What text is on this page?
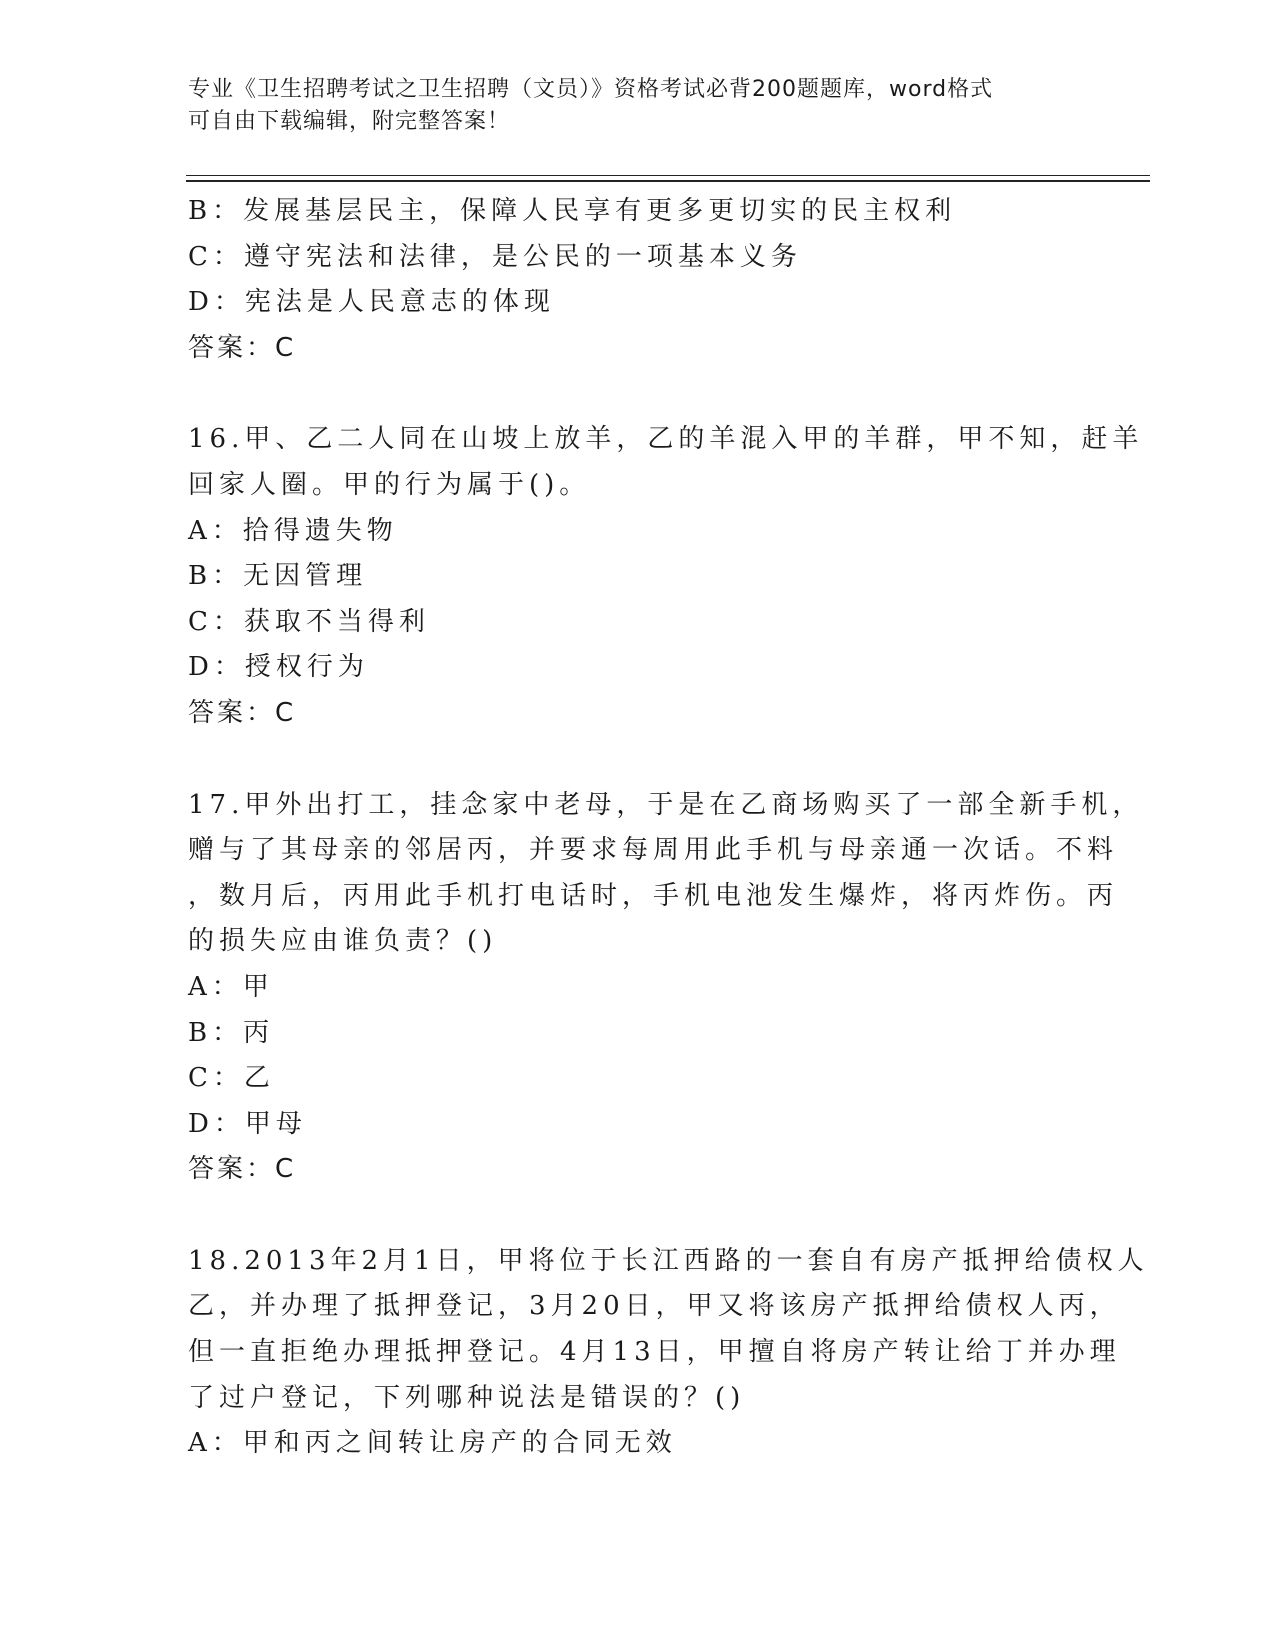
专业《卫生招聘考试之卫生招聘（文员）》资格考试必背200题题库，word格式
可自由下载编辑，附完整答案！
B：发展基层民主，保障人民享有更多更切实的民主权利
C：遵守宪法和法律，是公民的一项基本义务
D：宪法是人民意志的体现
答案：C
16.甲、乙二人同在山坡上放羊，乙的羊混入甲的羊群，甲不知，赶羊
回家人圈。甲的行为属于()。
A：拾得遗失物
B：无因管理
C：获取不当得利
D：授权行为
答案：C
17.甲外出打工，挂念家中老母，于是在乙商场购买了一部全新手机，
赠与了其母亲的邻居丙，并要求每周用此手机与母亲通一次话。不料
，数月后，丙用此手机打电话时，手机电池发生爆炸，将丙炸伤。丙
的损失应由谁负责？()
A：甲
B：丙
C：乙
D：甲母
答案：C
18.2013年2月1日，甲将位于长江西路的一套自有房产抵押给债权人
乙，并办理了抵押登记，3月20日，甲又将该房产抵押给债权人丙，
但一直拒绝办理抵押登记。4月13日，甲擅自将房产转让给丁并办理
了过户登记，下列哪种说法是错误的？()
A：甲和丙之间转让房产的合同无效
